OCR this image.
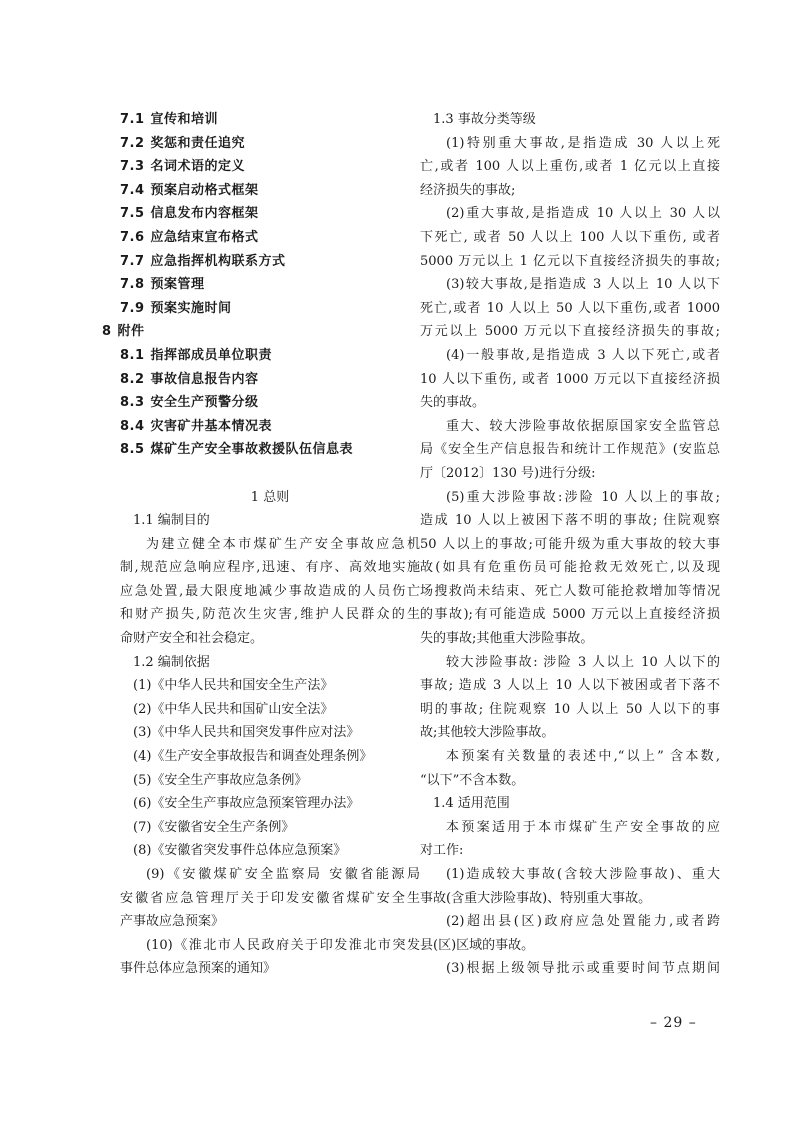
7.1 宣传和培训
7.2 奖惩和责任追究
7.3 名词术语的定义
7.4 预案启动格式框架
7.5 信息发布内容框架
7.6 应急结束宣布格式
7.7 应急指挥机构联系方式
7.8 预案管理
7.9 预案实施时间
8 附件
8.1 指挥部成员单位职责
8.2 事故信息报告内容
8.3 安全生产预警分级
8.4 灾害矿井基本情况表
8.5 煤矿生产安全事故救援队伍信息表
1 总则
1.1 编制目的
为建立健全本市煤矿生产安全事故应急机
制,规范应急响应程序,迅速、有序、高效地实施
应急处置,最大限度地减少事故造成的人员伤亡
和财产损失,防范次生灾害,维护人民群众的生
命财产安全和社会稳定。
1.2 编制依据
(1)《中华人民共和国安全生产法》
(2)《中华人民共和国矿山安全法》
(3)《中华人民共和国突发事件应对法》
(4)《生产安全事故报告和调查处理条例》
(5)《安全生产事故应急条例》
(6)《安全生产事故应急预案管理办法》
(7)《安徽省安全生产条例》
(8)《安徽省突发事件总体应急预案》
(9)《安徽煤矿安全监察局 安徽省能源局
安徽省应急管理厅关于印发安徽省煤矿安全生
产事故应急预案》
(10)《淮北市人民政府关于印发淮北市突发
事件总体应急预案的通知》
1.3 事故分类等级
(1)特别重大事故,是指造成 30 人以上死
亡,或者 100 人以上重伤,或者 1 亿元以上直接
经济损失的事故;
(2)重大事故,是指造成 10 人以上 30 人以
下死亡, 或者 50 人以上 100 人以下重伤, 或者
5000 万元以上 1 亿元以下直接经济损失的事故;
(3)较大事故,是指造成 3 人以上 10 人以下
死亡,或者 10 人以上 50 人以下重伤,或者 1000
万元以上 5000 万元以下直接经济损失的事故;
(4)一般事故,是指造成 3 人以下死亡,或者
10 人以下重伤, 或者 1000 万元以下直接经济损
失的事故。
重大、较大涉险事故依据原国家安全监管总
局《安全生产信息报告和统计工作规范》(安监总
厅〔2012〕130 号)进行分级:
(5)重大涉险事故:涉险 10 人以上的事故;
造成 10 人以上被困下落不明的事故; 住院观察
50 人以上的事故;可能升级为重大事故的较大事
故(如具有危重伤员可能抢救无效死亡,以及现
场搜救尚未结束、死亡人数可能抢救增加等情况
的事故);有可能造成 5000 万元以上直接经济损
失的事故;其他重大涉险事故。
较大涉险事故: 涉险 3 人以上 10 人以下的
事故; 造成 3 人以上 10 人以下被困或者下落不
明的事故; 住院观察 10 人以上 50 人以下的事
故;其他较大涉险事故。
本预案有关数量的表述中,“以上” 含本数,
“以下”不含本数。
1.4 适用范围
本预案适用于本市煤矿生产安全事故的应
对工作:
(1)造成较大事故(含较大涉险事故)、重大
事故(含重大涉险事故)、特别重大事故。
(2)超出县(区)政府应急处置能力,或者跨
县(区)区域的事故。
(3)根据上级领导批示或重要时间节点期间
– 29 –
